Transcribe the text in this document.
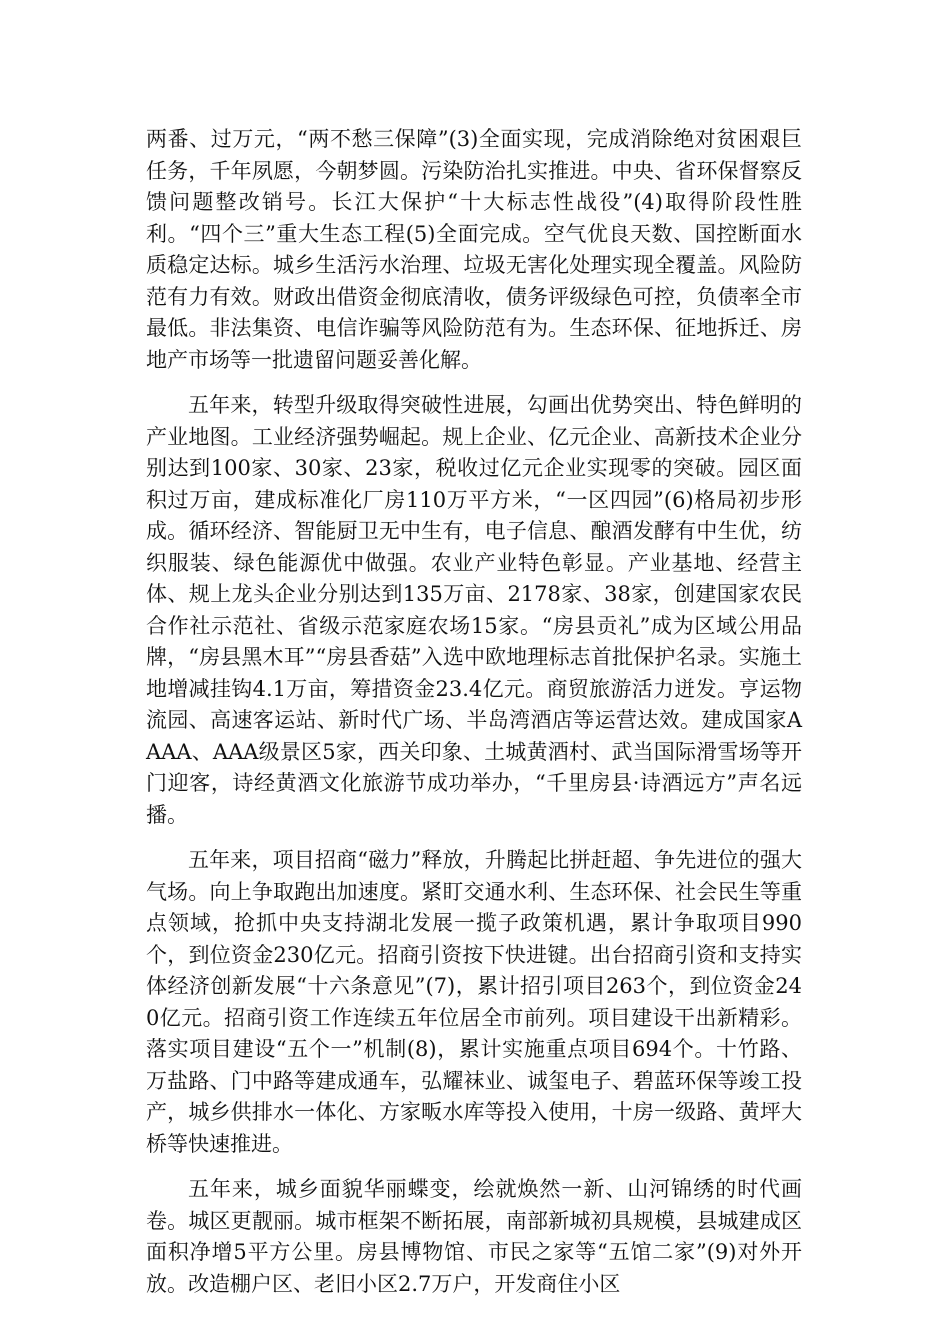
两番、过万元，“两不愁三保障”(3)全面实现，完成消除绝对贫困艰巨任务，千年夙愿，今朝梦圆。污染防治扎实推进。中央、省环保督察反馈问题整改销号。长江大保护“十大标志性战役”(4)取得阶段性胜利。“四个三”重大生态工程(5)全面完成。空气优良天数、国控断面水质稳定达标。城乡生活污水治理、垃圾无害化处理实现全覆盖。风险防范有力有效。财政出借资金彻底清收，债务评级绿色可控，负债率全市最低。非法集资、电信诈骗等风险防范有为。生态环保、征地拆迁、房地产市场等一批遗留问题妥善化解。

五年来，转型升级取得突破性进展，勾画出优势突出、特色鲜明的产业地图。工业经济强势崛起。规上企业、亿元企业、高新技术企业分别达到100家、30家、23家，税收过亿元企业实现零的突破。园区面积过万亩，建成标准化厂房110万平方米，“一区四园”(6)格局初步形成。循环经济、智能厨卫无中生有，电子信息、酿酒发酵有中生优，纺织服装、绿色能源优中做强。农业产业特色彰显。产业基地、经营主体、规上龙头企业分别达到135万亩、2178家、38家，创建国家农民合作社示范社、省级示范家庭农场15家。“房县贡礼”成为区域公用品牌，“房县黑木耳”“房县香菇”入选中欧地理标志首批保护名录。实施土地增减挂钩4.1万亩，筹措资金23.4亿元。商贸旅游活力迸发。亨运物流园、高速客运站、新时代广场、半岛湾酒店等运营达效。建成国家AAAA、AAA级景区5家，西关印象、土城黄酒村、武当国际滑雪场等开门迎客，诗经黄酒文化旅游节成功举办，“千里房县·诗酒远方”声名远播。

五年来，项目招商“磁力”释放，升腾起比拼赶超、争先进位的强大气场。向上争取跑出加速度。紧盯交通水利、生态环保、社会民生等重点领域，抢抓中央支持湖北发展一揽子政策机遇，累计争取项目990个，到位资金230亿元。招商引资按下快进键。出台招商引资和支持实体经济创新发展“十六条意见”(7)，累计招引项目263个，到位资金240亿元。招商引资工作连续五年位居全市前列。项目建设干出新精彩。落实项目建设“五个一”机制(8)，累计实施重点项目694个。十竹路、万盐路、门中路等建成通车，弘耀袜业、诚玺电子、碧蓝环保等竣工投产，城乡供排水一体化、方家畈水库等投入使用，十房一级路、黄坪大桥等快速推进。

五年来，城乡面貌华丽蝶变，绘就焕然一新、山河锦绣的时代画卷。城区更靓丽。城市框架不断拓展，南部新城初具规模，县城建成区面积净增5平方公里。房县博物馆、市民之家等“五馆二家”(9)对外开放。改造棚户区、老旧小区2.7万户，开发商住小区
